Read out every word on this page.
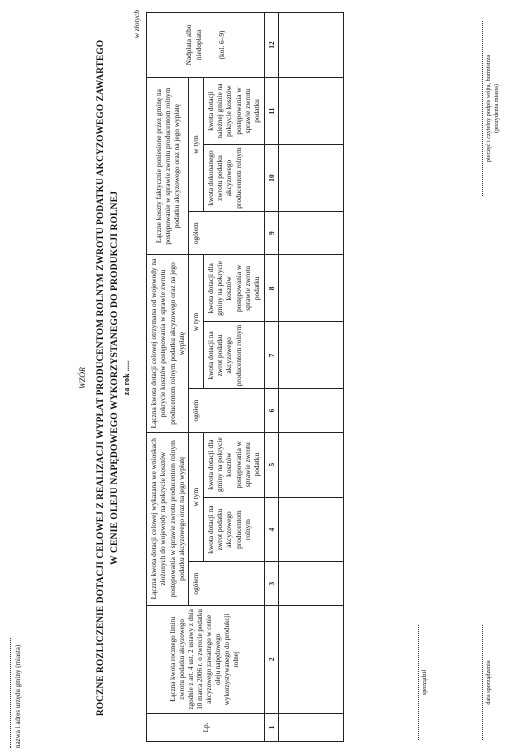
nazwa i adres urzędu gminy (miasta)
WZÓR ROCZNE ROZLICZENIE DOTACJI CELOWEJ Z REALIZACJI WYPŁAT PRODUCENTOM ROLNYM ZWROTU PODATKU AKCYZOWEGO ZAWARTEGO W CENIE OLEJU NAPĘDOWEGO WYKORZYSTANEGO DO PRODUKCJI ROLNEJ za rok .....
w złotych
Lp.	Łączna kwota rocznego limitu zwrotu podatku akcyzowego zgodnie z art. 4 ust. 2 ustawy z dnia 10 marca 2006 r. o zwrocie podatku akcyzowego zawartego w cenie oleju napędowego wykorzystywanego do produkcji rolnej	Łączna kwota dotacji celowej wykazana we wnioskach złożonych do wojewody na pokrycie kosztów postępowania w sprawie zwrotu producentom rolnym podatku akcyzowego oraz na jego wypłatę			Łączna kwota dotacji celowej otrzymana od wojewody na pokrycie kosztów postępowania w sprawie zwrotu producentom rolnym podatku akcyzowego oraz na jego wypłatę			Łączne koszty faktycznie poniesione przez gminę na postępowanie w sprawie zwrotu producentom rolnym podatku akcyzowego oraz na jego wypłatę			Nadpłata albo niedopłata (kol. 6–9)

		ogółem	w tym		ogółem	w tym		ogółem	w tym		
			kwota dotacji na zwrot podatku akcyzowego producentom rolnym	kwota dotacji dla gminy na pokrycie kosztów postępowania w sprawie zwrotu podatku		kwota dotacji na zwrot podatku akcyzowego producentom rolnym	kwota dotacji dla gminy na pokrycie kosztów postępowania w sprawie zwrotu podatku		kwota dokonanego zwrotu podatku akcyzowego producentom rolnym	kwota dotacji należnej gminie na pokrycie kosztów postępowania w sprawie zwrotu podatku	
1	2	3	4	5	6	7	8	9	10	11	12

sporządził	data sporządzenia
pieczęć i czytelny podpis wójta, burmistrza (prezydenta miasta)
